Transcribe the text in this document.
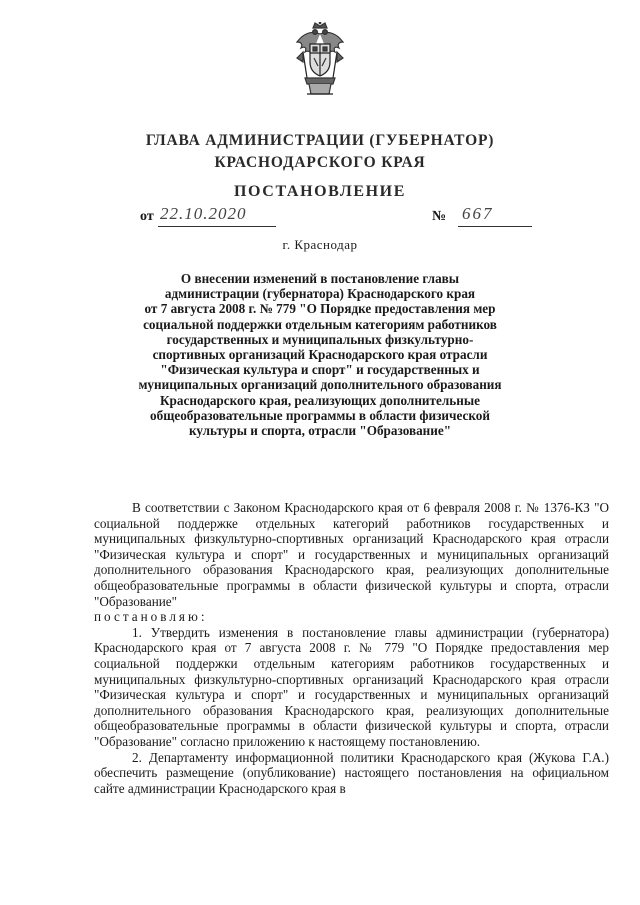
ГЛАВА АДМИНИСТРАЦИИ (ГУБЕРНАТОР)
КРАСНОДАРСКОГО КРАЯ
ПОСТАНОВЛЕНИЕ
от 22.10.2020	№ 667
г. Краснодар
О внесении изменений в постановление главы
администрации (губернатора) Краснодарского края
от 7 августа 2008 г. № 779 "О Порядке предоставления мер
социальной поддержки отдельным категориям работников
государственных и муниципальных физкультурно-
спортивных организаций Краснодарского края отрасли
"Физическая культура и спорт" и государственных и
муниципальных организаций дополнительного образования
Краснодарского края, реализующих дополнительные
общеобразовательные программы в области физической
культуры и спорта, отрасли "Образование"

В соответствии с Законом Краснодарского края от 6 февраля 2008 г. № 1376-КЗ "О социальной поддержке отдельных категорий работников государственных и муниципальных физкультурно-спортивных организаций Краснодарского края отрасли "Физическая культура и спорт" и государственных и муниципальных организаций дополнительного образования Краснодарского края, реализующих дополнительные общеобразовательные программы в области физической культуры и спорта, отрасли "Образование"

постановляю:

1. Утвердить изменения в постановление главы администрации (губернатора) Краснодарского края от 7 августа 2008 г. № 779 "О Порядке предоставления мер социальной поддержки отдельным категориям работников государственных и муниципальных физкультурно-спортивных организаций Краснодарского края отрасли "Физическая культура и спорт" и государственных и муниципальных организаций дополнительного образования Краснодарского края, реализующих дополнительные общеобразовательные программы в области физической культуры и спорта, отрасли "Образование" согласно приложению к настоящему постановлению.

2. Департаменту информационной политики Краснодарского края (Жукова Г.А.) обеспечить размещение (опубликование) настоящего постановления на официальном сайте администрации Краснодарского края в
